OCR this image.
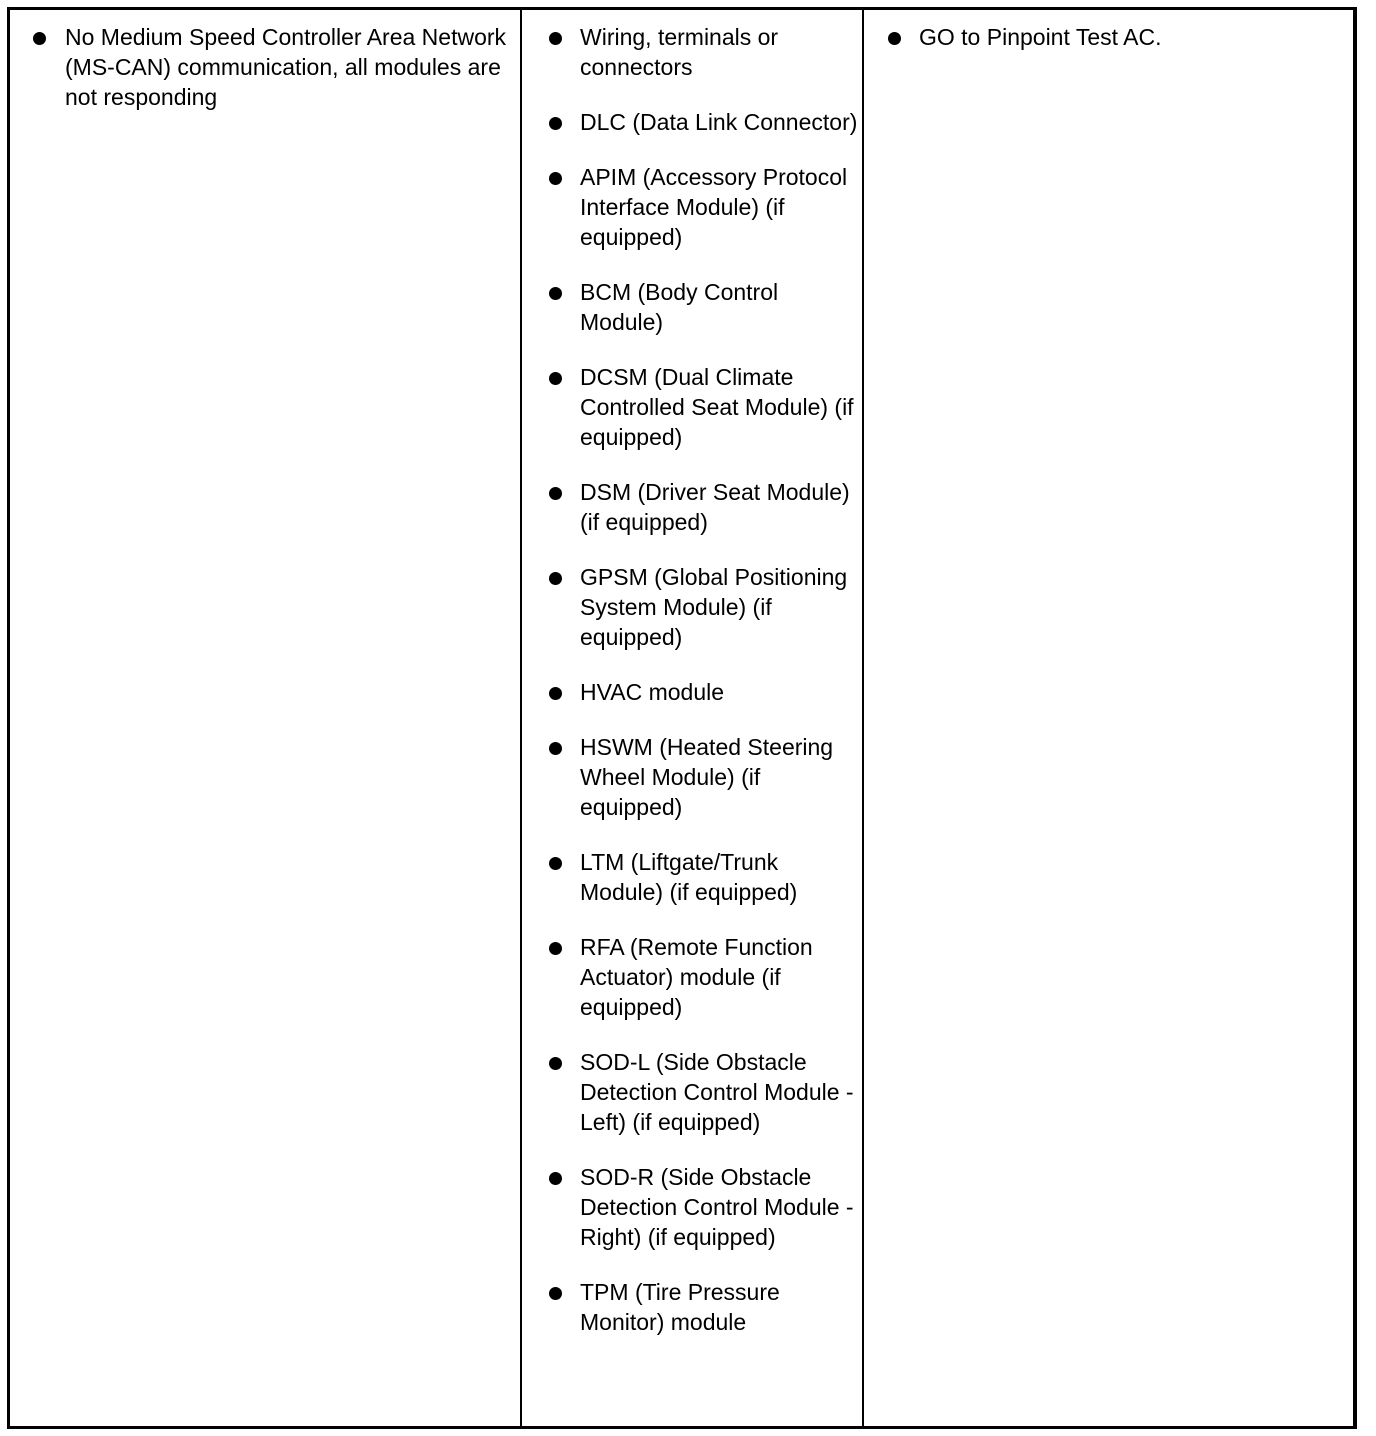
No Medium Speed Controller Area Network (MS-CAN) communication, all modules are not responding
Wiring, terminals or connectors
DLC (Data Link Connector)
APIM (Accessory Protocol Interface Module) (if equipped)
BCM (Body Control Module)
DCSM (Dual Climate Controlled Seat Module) (if equipped)
DSM (Driver Seat Module) (if equipped)
GPSM (Global Positioning System Module) (if equipped)
HVAC module
HSWM (Heated Steering Wheel Module) (if equipped)
LTM (Liftgate/Trunk Module) (if equipped)
RFA (Remote Function Actuator) module (if equipped)
SOD-L (Side Obstacle Detection Control Module - Left) (if equipped)
SOD-R (Side Obstacle Detection Control Module - Right) (if equipped)
TPM (Tire Pressure Monitor) module
GO to Pinpoint Test AC.
